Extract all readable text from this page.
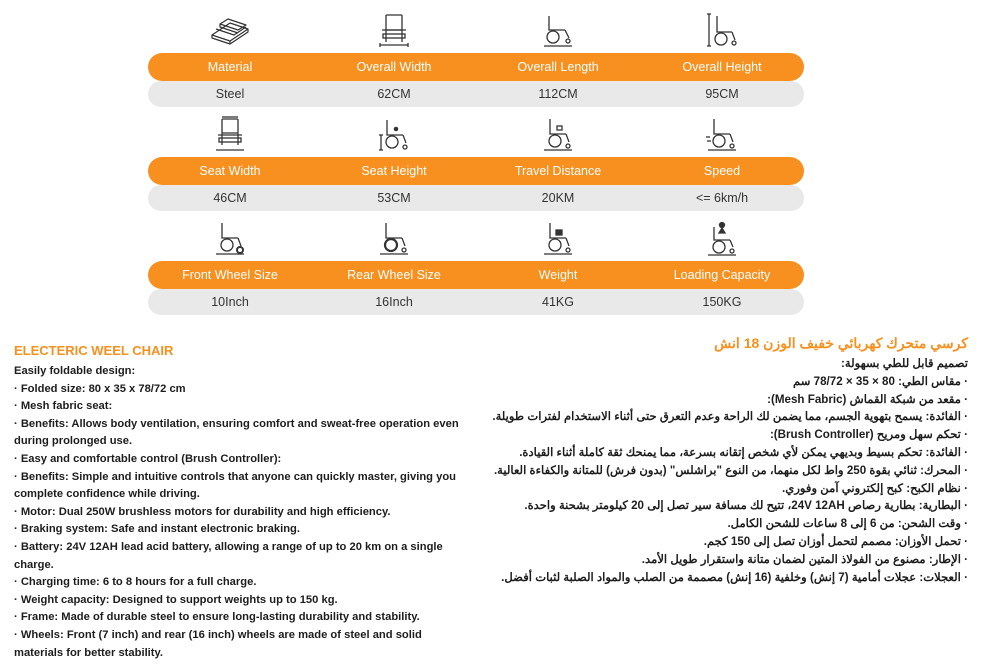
Material	Overall Width	Overall Length	Overall Height
Steel	62CM	112CM	95CM
Seat Width	Seat Height	Travel Distance	Speed
46CM	53CM	20KM	<= 6km/h
Front Wheel Size	Rear Wheel Size	Weight	Loading Capacity
10Inch	16Inch	41KG	150KG
ELECTERIC WEEL CHAIR

Easily foldable design:

· Folded size: 80 x 35 x 78/72 cm

· Mesh fabric seat:

· Benefits: Allows body ventilation, ensuring comfort and sweat-free operation even during prolonged use.

· Easy and comfortable control (Brush Controller):

· Benefits: Simple and intuitive controls that anyone can quickly master, giving you complete confidence while driving.

· Motor: Dual 250W brushless motors for durability and high efficiency.

· Braking system: Safe and instant electronic braking.

· Battery: 24V 12AH lead acid battery, allowing a range of up to 20 km on a single charge.

· Charging time: 6 to 8 hours for a full charge.

· Weight capacity: Designed to support weights up to 150 kg.

· Frame: Made of durable steel to ensure long-lasting durability and stability.

· Wheels: Front (7 inch) and rear (16 inch) wheels are made of steel and solid materials for better stability.

كرسي متحرك كهربائي خفيف الوزن 18 انش

تصميم قابل للطي بسهولة:

· مقاس الطي: 80 × 35 × 78/72 سم

· مقعد من شبكة القماش (Mesh Fabric):

· الفائدة: يسمح بتهوية الجسم، مما يضمن لك الراحة وعدم التعرق حتى أثناء الاستخدام لفترات طويلة.

· تحكم سهل ومريح (Brush Controller):

· الفائدة: تحكم بسيط وبديهي يمكن لأي شخص إتقانه بسرعة، مما يمنحك ثقة كاملة أثناء القيادة.

· المحرك: ثنائي بقوة 250 واط لكل منهما، من النوع "براشلس" (بدون فرش) للمتانة والكفاءة العالية.

· نظام الكبح: كبح إلكتروني آمن وفوري.

· البطارية: بطارية رصاص 24V 12AH، تتيح لك مسافة سير تصل إلى 20 كيلومتر بشحنة واحدة.

· وقت الشحن: من 6 إلى 8 ساعات للشحن الكامل.

· تحمل الأوزان: مصمم لتحمل أوزان تصل إلى 150 كجم.

· الإطار: مصنوع من الفولاذ المتين لضمان متانة واستقرار طويل الأمد.

· العجلات: عجلات أمامية (7 إنش) وخلفية (16 إنش) مصممة من الصلب والمواد الصلبة لثبات أفضل.
